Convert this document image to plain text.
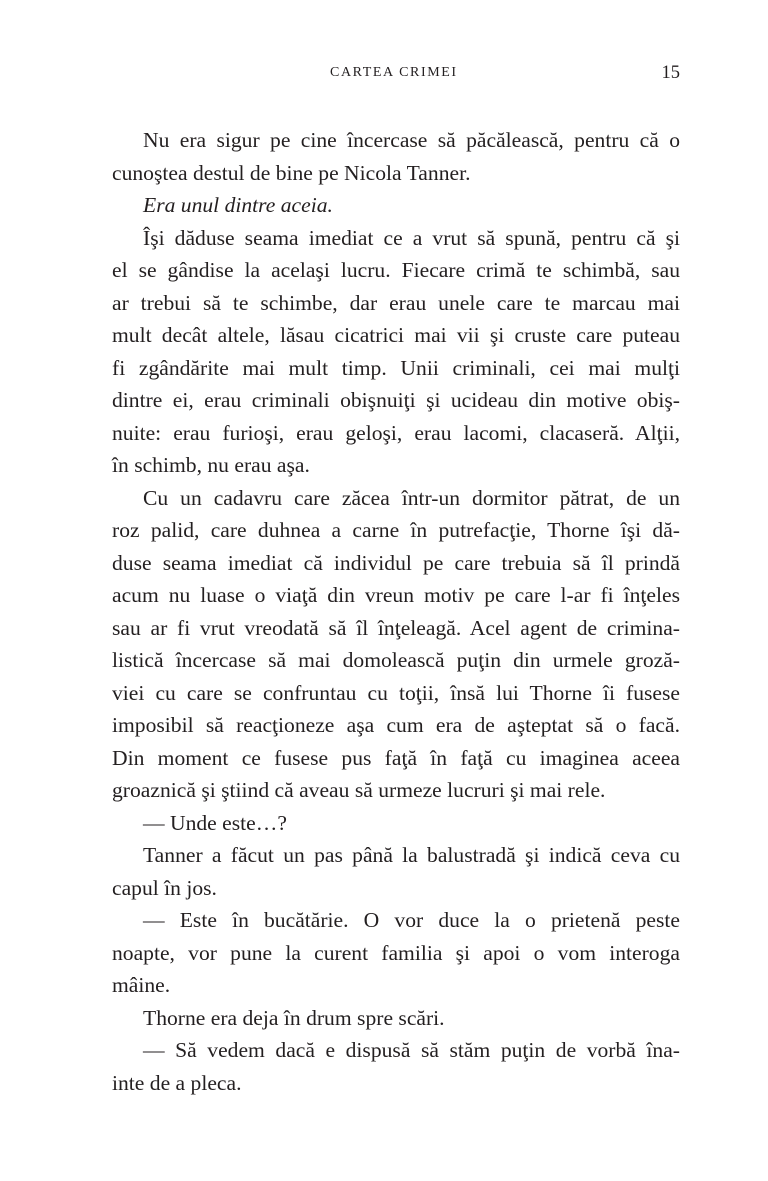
CARTEA CRIMEI	15
Nu era sigur pe cine încercase să păcălească, pentru că o
cunoştea destul de bine pe Nicola Tanner.
Era unul dintre aceia.
Îşi dăduse seama imediat ce a vrut să spună, pentru că şi
el se gândise la acelaşi lucru. Fiecare crimă te schimbă, sau
ar trebui să te schimbe, dar erau unele care te marcau mai
mult decât altele, lăsau cicatrici mai vii şi cruste care puteau
fi zgândărite mai mult timp. Unii criminali, cei mai mulţi
dintre ei, erau criminali obişnuiţi şi ucideau din motive obiş-
nuite: erau furioşi, erau geloşi, erau lacomi, clacaseră. Alţii,
în schimb, nu erau aşa.
Cu un cadavru care zăcea într-un dormitor pătrat, de un
roz palid, care duhnea a carne în putrefacţie, Thorne îşi dă-
duse seama imediat că individul pe care trebuia să îl prindă
acum nu luase o viaţă din vreun motiv pe care l-ar fi înţeles
sau ar fi vrut vreodată să îl înţeleagă. Acel agent de crimina-
listică încercase să mai domolească puţin din urmele groză-
viei cu care se confruntau cu toţii, însă lui Thorne îi fusese
imposibil să reacţioneze aşa cum era de aşteptat să o facă.
Din moment ce fusese pus faţă în faţă cu imaginea aceea
groaznică şi ştiind că aveau să urmeze lucruri şi mai rele.
— Unde este…?
Tanner a făcut un pas până la balustradă şi indică ceva cu
capul în jos.
— Este în bucătărie. O vor duce la o prietenă peste
noapte, vor pune la curent familia şi apoi o vom interoga
mâine.
Thorne era deja în drum spre scări.
— Să vedem dacă e dispusă să stăm puţin de vorbă îna-
inte de a pleca.
